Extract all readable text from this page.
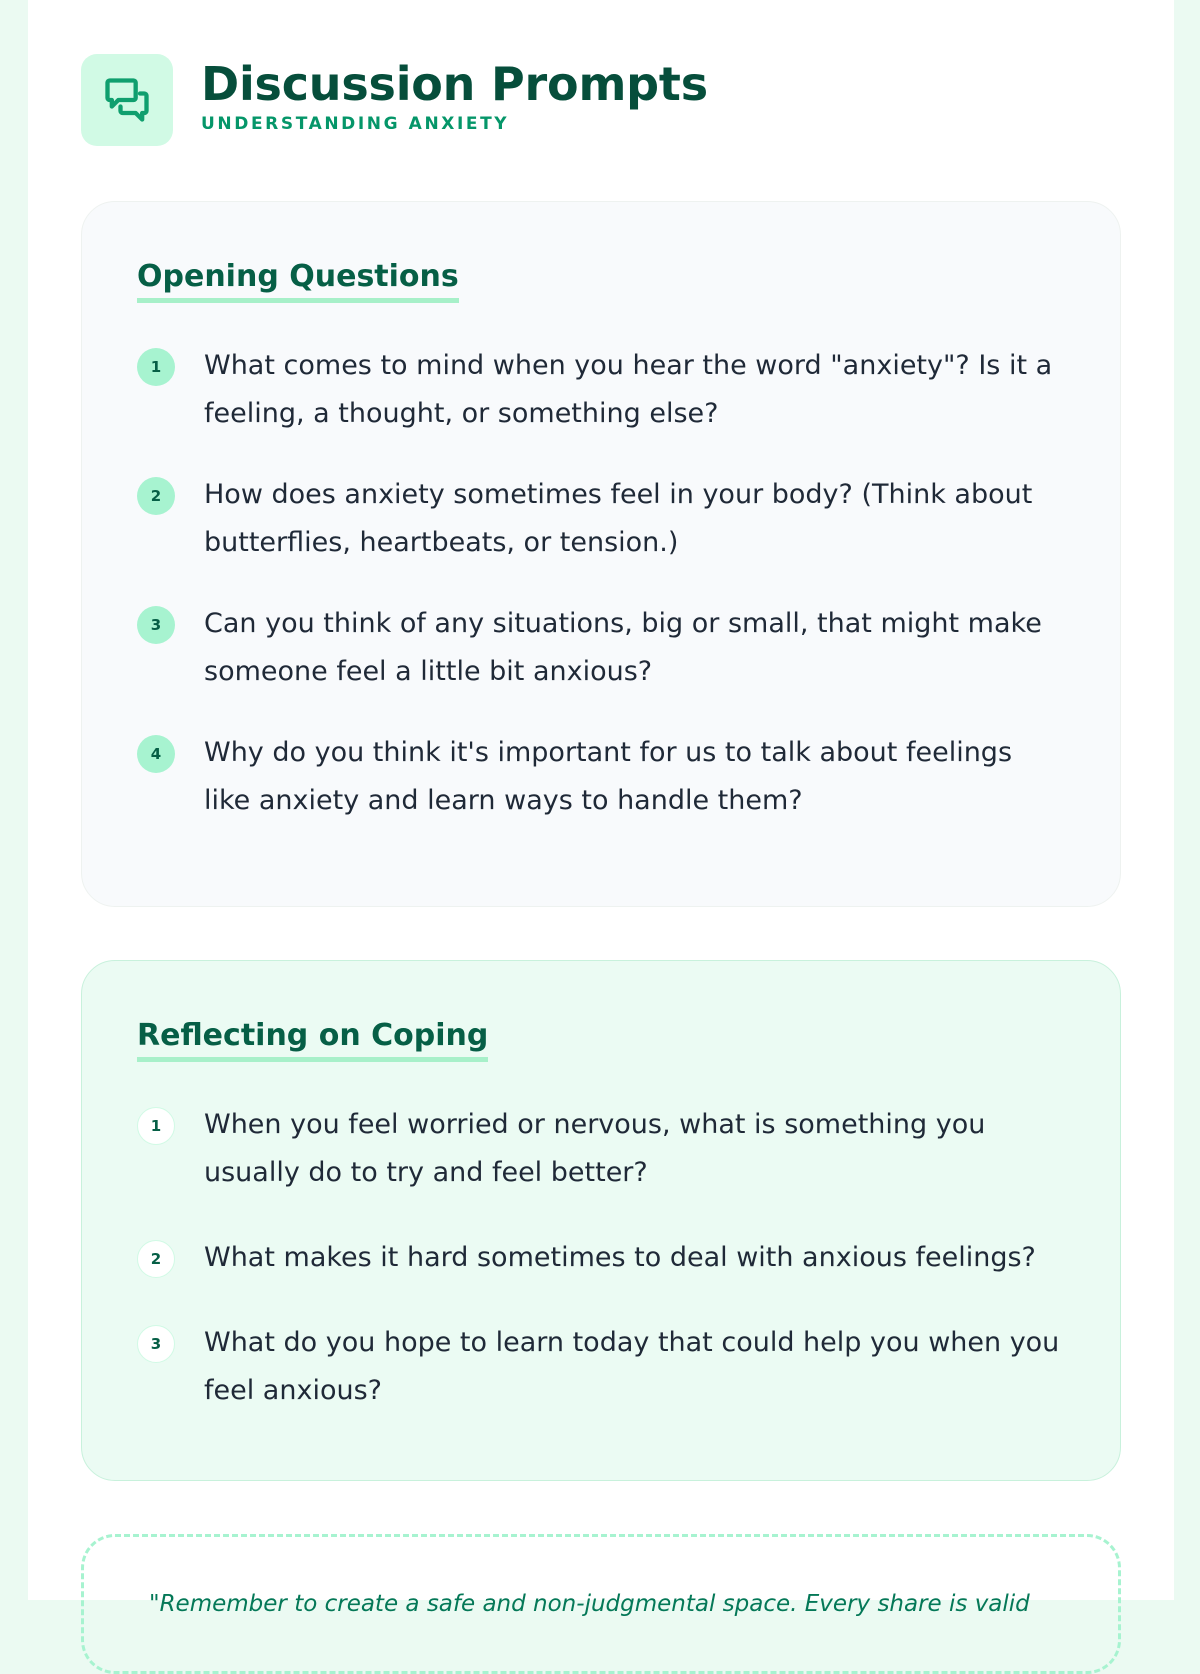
Discussion Prompts
UNDERSTANDING ANXIETY
Opening Questions
1	What comes to mind when you hear the word "anxiety"? Is it a feeling, a thought, or something else?
2	How does anxiety sometimes feel in your body? (Think about butterflies, heartbeats, or tension.)
3	Can you think of any situations, big or small, that might make someone feel a little bit anxious?
4	Why do you think it's important for us to talk about feelings like anxiety and learn ways to handle them?
Reflecting on Coping
1	When you feel worried or nervous, what is something you usually do to try and feel better?
2	What makes it hard sometimes to deal with anxious feelings?
3	What do you hope to learn today that could help you when you feel anxious?
"Remember to create a safe and non-judgmental space. Every share is valid
